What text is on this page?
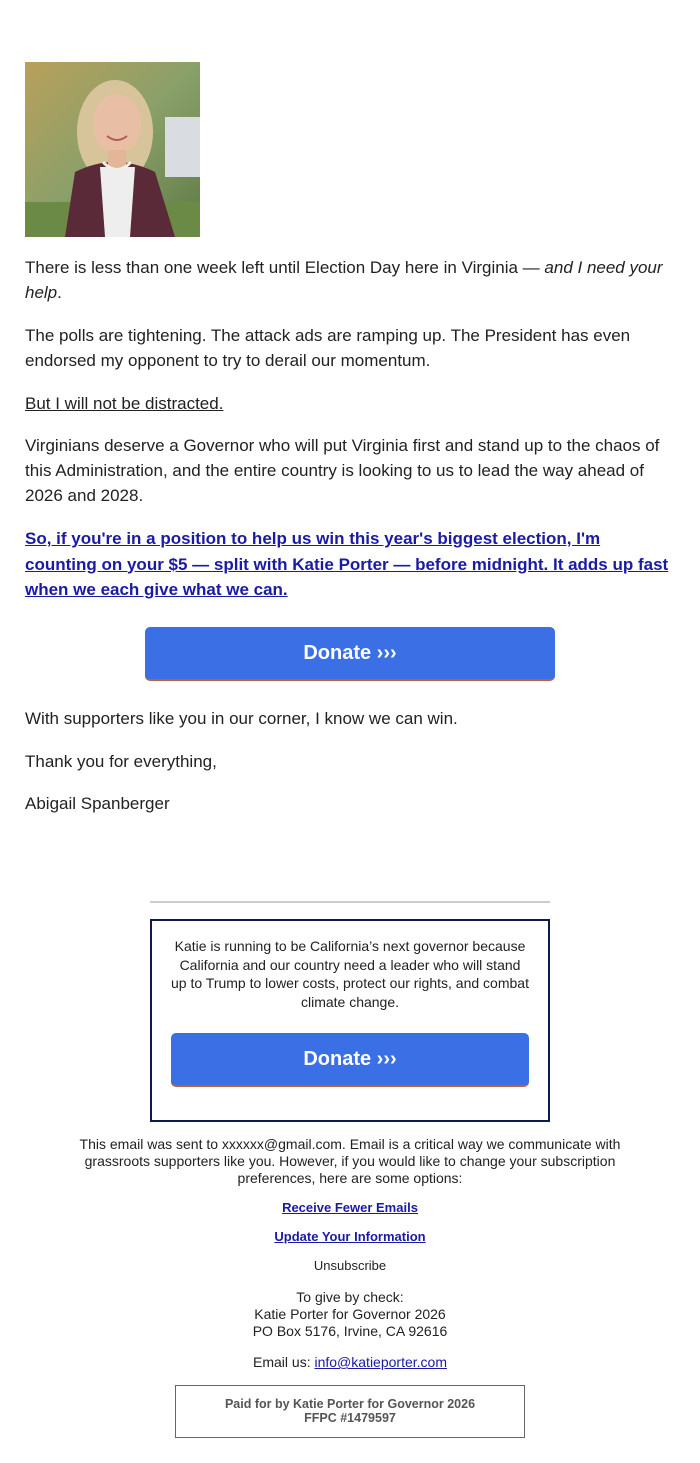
There is less than one week left until Election Day here in Virginia — and I need your help.

The polls are tightening. The attack ads are ramping up. The President has even endorsed my opponent to try to derail our momentum.

But I will not be distracted.

Virginians deserve a Governor who will put Virginia first and stand up to the chaos of this Administration, and the entire country is looking to us to lead the way ahead of 2026 and 2028.

So, if you're in a position to help us win this year's biggest election, I'm counting on your $5 — split with Katie Porter — before midnight. It adds up fast when we each give what we can.

Donate ›››

With supporters like you in our corner, I know we can win.

Thank you for everything,

Abigail Spanberger

Katie is running to be California’s next governor because California and our country need a leader who will stand up to Trump to lower costs, protect our rights, and combat climate change.
Donate ›››
This email was sent to xxxxxx@gmail.com. Email is a critical way we communicate with grassroots supporters like you. However, if you would like to change your subscription preferences, here are some options:
Receive Fewer Emails
Update Your Information
Unsubscribe
To give by check:
Katie Porter for Governor 2026
PO Box 5176, Irvine, CA 92616
Email us: info@katieporter.com
Paid for by Katie Porter for Governor 2026
FFPC #1479597
